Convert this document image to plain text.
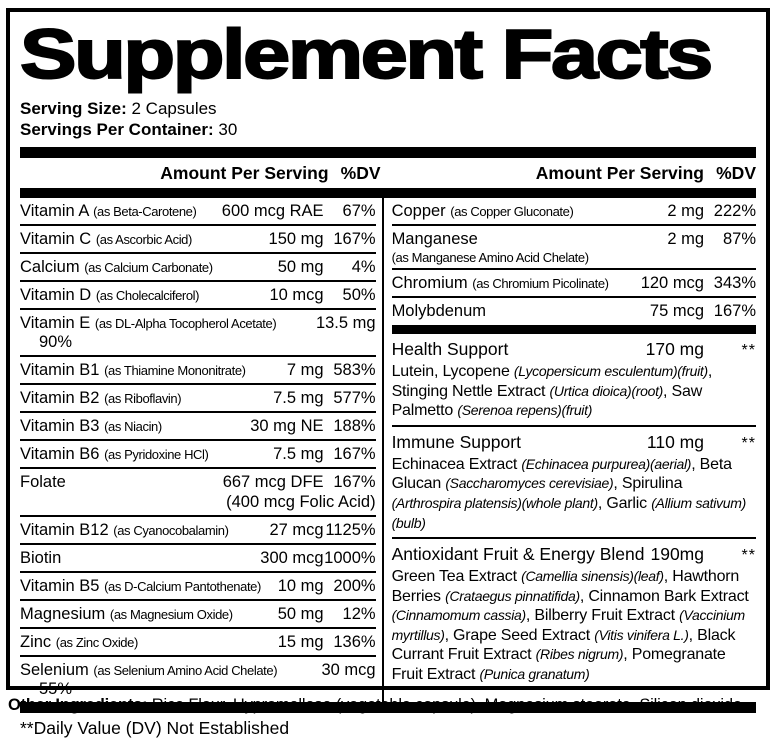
Supplement Facts
Serving Size: 2 Capsules
Servings Per Container: 30
Amount Per Serving %DV	Amount Per Serving %DV
Vitamin A (as Beta-Carotene)	600 mcg RAE	67%
Vitamin C (as Ascorbic Acid)	150 mg 167%
Calcium (as Calcium Carbonate)	50 mg	4%
Vitamin D (as Cholecalciferol)	10 mcg	50%
Vitamin E (as DL-Alpha Tocopherol Acetate)	13.5 mg
90%
Vitamin B1 (as Thiamine Mononitrate)	7 mg 583%
Vitamin B2 (as Riboflavin)	7.5 mg 577%
Vitamin B3 (as Niacin)	30 mg NE 188%
Vitamin B6 (as Pyridoxine HCl)	7.5 mg 167%
Folate	667 mcg DFE 167%
(400 mcg Folic Acid)
Vitamin B12 (as Cyanocobalamin)	27 mcg 1125%
Biotin	300 mcg 1000%
Vitamin B5 (as D-Calcium Pantothenate)	10 mg 200%
Magnesium (as Magnesium Oxide)	50 mg	12%
Zinc (as Zinc Oxide)	15 mg 136%
Selenium (as Selenium Amino Acid Chelate)	30 mcg
55%
Copper (as Copper Gluconate)	2 mg 222%
Manganese
(as Manganese Amino Acid Chelate)
2 mg	87%
Chromium (as Chromium Picolinate)	120 mcg 343%
Molybdenum	75 mcg 167%
Health Support	170 mg	**
Lutein, Lycopene (Lycopersicum esculentum)(fruit), Stinging Nettle Extract (Urtica dioica)(root), Saw Palmetto (Serenoa repens)(fruit)
Immune Support	110 mg	**
Echinacea Extract (Echinacea purpurea)(aerial), Beta Glucan (Saccharomyces cerevisiae), Spirulina (Arthrospira platensis)(whole plant), Garlic (Allium sativum)(bulb)
Antioxidant Fruit & Energy Blend 190mg	**
Green Tea Extract (Camellia sinensis)(leaf), Hawthorn Berries (Crataegus pinnatifida), Cinnamon Bark Extract (Cinnamomum cassia), Bilberry Fruit Extract (Vaccinium myrtillus), Grape Seed Extract (Vitis vinifera L.), Black Currant Fruit Extract (Ribes nigrum), Pomegranate Fruit Extract (Punica granatum)
**Daily Value (DV) Not Established
Other Ingredients: Rice Flour, Hypromellose (vegetable capsule), Magnesium stearate, Silicon dioxide.
